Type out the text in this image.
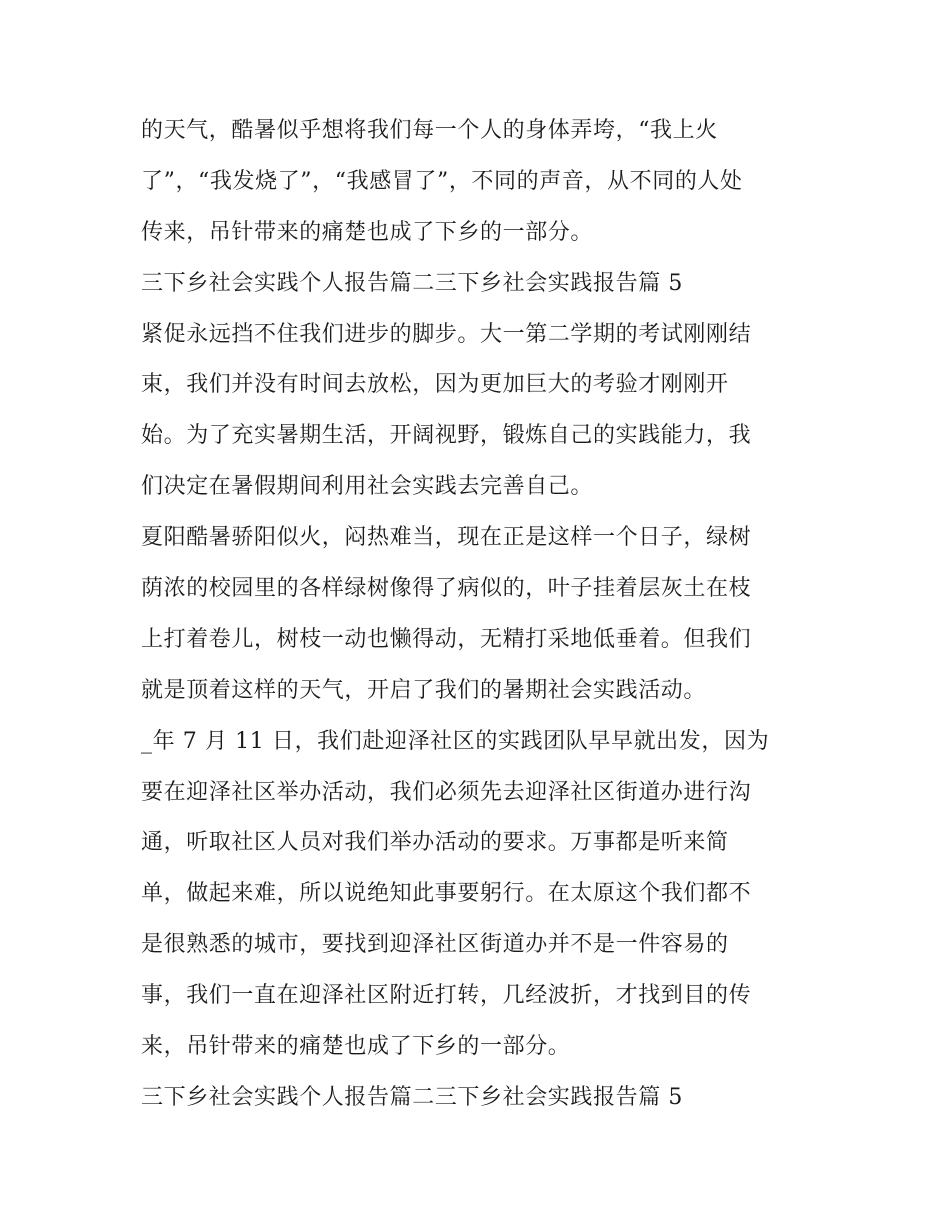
的天气，酷暑似乎想将我们每一个人的身体弄垮，“我上火
了”，“我发烧了”，“我感冒了”，不同的声音，从不同的人处
传来，吊针带来的痛楚也成了下乡的一部分。
三下乡社会实践个人报告篇二三下乡社会实践报告篇 5
紧促永远挡不住我们进步的脚步。大一第二学期的考试刚刚结
束，我们并没有时间去放松，因为更加巨大的考验才刚刚开
始。为了充实暑期生活，开阔视野，锻炼自己的实践能力，我
们决定在暑假期间利用社会实践去完善自己。
夏阳酷暑骄阳似火，闷热难当，现在正是这样一个日子，绿树
荫浓的校园里的各样绿树像得了病似的，叶子挂着层灰土在枝
上打着卷儿，树枝一动也懒得动，无精打采地低垂着。但我们
就是顶着这样的天气，开启了我们的暑期社会实践活动。
_年 7 月 11 日，我们赴迎泽社区的实践团队早早就出发，因为
要在迎泽社区举办活动，我们必须先去迎泽社区街道办进行沟
通，听取社区人员对我们举办活动的要求。万事都是听来简
单，做起来难，所以说绝知此事要躬行。在太原这个我们都不
是很熟悉的城市，要找到迎泽社区街道办并不是一件容易的
事，我们一直在迎泽社区附近打转，几经波折，才找到目的传
来，吊针带来的痛楚也成了下乡的一部分。
三下乡社会实践个人报告篇二三下乡社会实践报告篇 5
